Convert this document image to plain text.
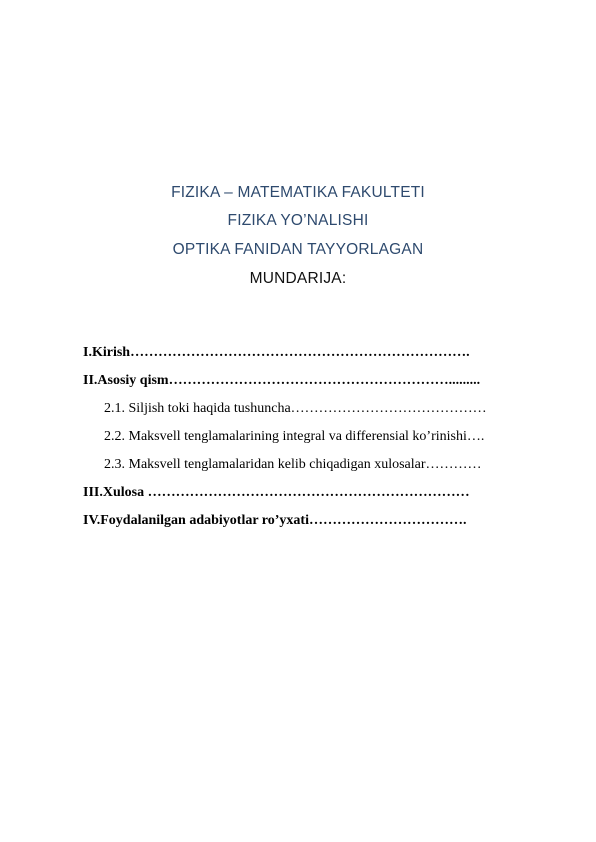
FIZIKA – MATEMATIKA FAKULTETI
FIZIKA YO’NALISHI
OPTIKA FANIDAN TAYYORLAGAN
MUNDARIJA:
I.Kirish……………………………………………………………….
II.Asosiy qism…………………………………………………….........
2.1. Siljish toki haqida tushuncha……………………………………
2.2. Maksvell tenglamalarining integral va differensial ko’rinishi….
2.3. Maksvell tenglamalaridan kelib chiqadigan xulosalar…………
III.Xulosa ……………………………………………………………
IV.Foydalanilgan adabiyotlar ro’yxati…………………………….
